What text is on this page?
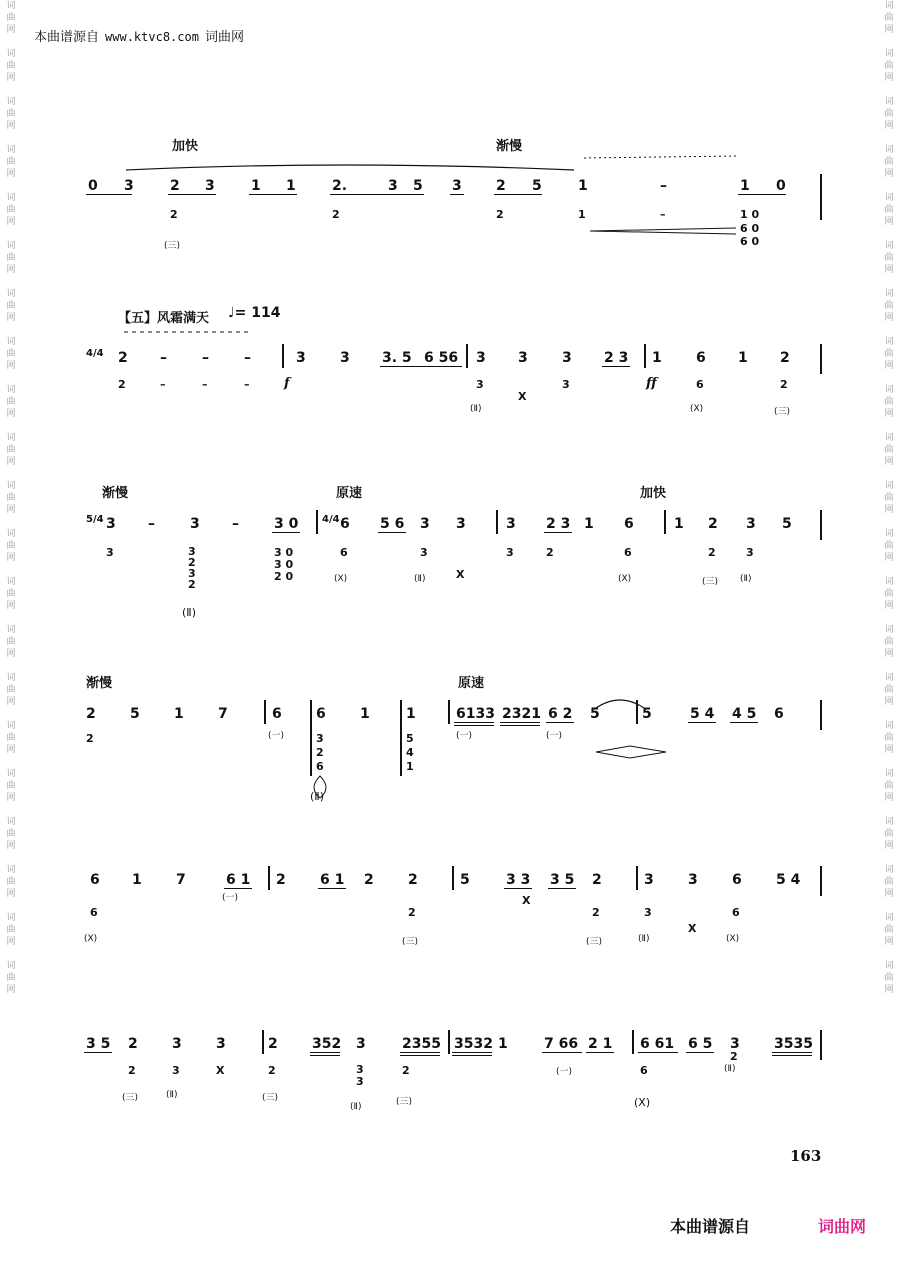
词曲网

词曲网

词曲网

词曲网

词曲网

词曲网

词曲网

词曲网

词曲网

词曲网

词曲网

词曲网

词曲网

词曲网

词曲网

词曲网

词曲网

词曲网

词曲网

词曲网

词曲网
词曲网

词曲网

词曲网

词曲网

词曲网

词曲网

词曲网

词曲网

词曲网

词曲网

词曲网

词曲网

词曲网

词曲网

词曲网

词曲网

词曲网

词曲网

词曲网

词曲网

词曲网
本曲谱源自 www.ktvc8.com 词曲网
加快	渐慢
0 3	2 3	1 1	2.	3 5 3 2 5	1	–	1 0
2	2	2	1	–	1 0
6 0
6 0
(三)
【五】风霜满天 ♩= 114
4/4 2 –	–	–	3 3 3. 5 6 56 3 3 3 2 3 1 6 1 2
2	–	–	–	3
X
3	6	2
(Ⅱ)	(X)	(三)
f	ff
渐慢	原速	加快
5/4	4/4
3 –	3 –	3 0	6 5 6 3 3	3 2 3 1 6	1 2 3 5
3	3 2 3 2
3 0
3 0
2 0
6	3
X
3	2	6	2	3
(X)	(Ⅱ)	(X)	(三) (Ⅱ)
(Ⅱ)
渐慢	原速
2 5 1 7	6 6 1	1	6133 2321 6 2 5	5	5 4 4 5 6
2	3 2 6
5 4 1
(一)	(一)	(一)
(Ⅱ)
6 1 7	6 1 2 6 1 2 2	5	3 3 3 5 2	3 3 6 5 4
6	2
X
2	3
X
6
(X)	(三)	(三)	(Ⅱ)	(X)
(一)
3 5 2 3 3	2 352 3	2355 3532 1	7 66 2 1 6 61 6 5 3 3535
2	3	X	2	3 3
2	6
2
(三)	(Ⅱ)	(三)
(Ⅱ)	(三)	(X)
(Ⅱ)
(一)
163
本曲谱源自	词曲网
